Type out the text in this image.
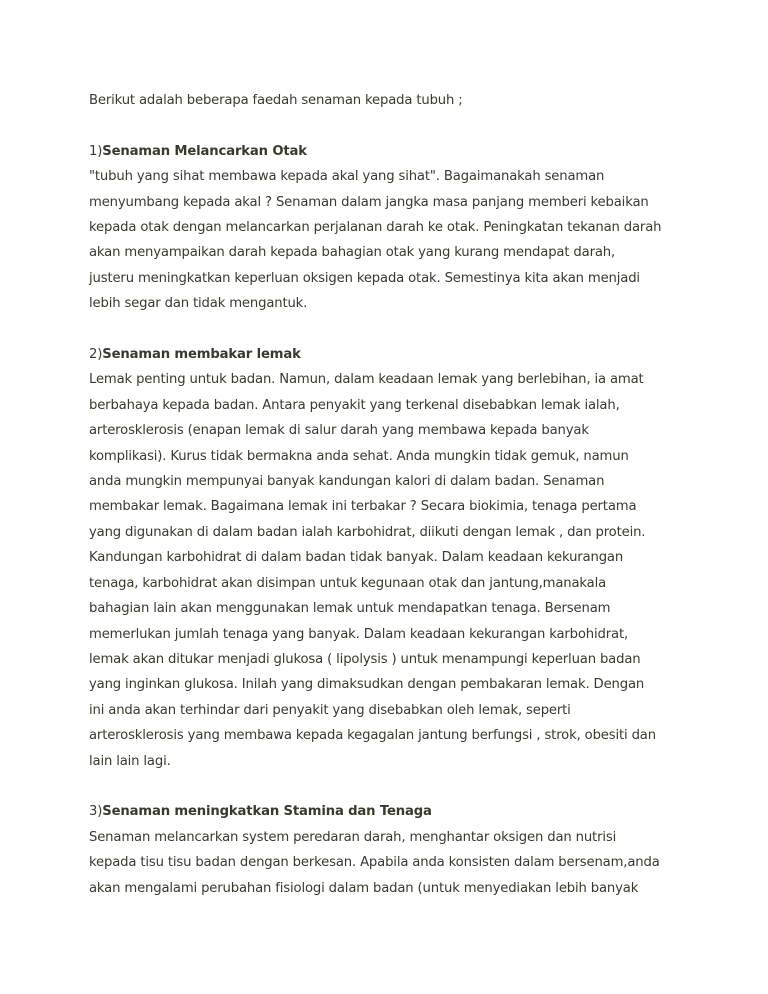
Berikut adalah beberapa faedah senaman kepada tubuh ;

1)Senaman Melancarkan Otak

"tubuh yang sihat membawa kepada akal yang sihat". Bagaimanakah senaman

menyumbang kepada akal ? Senaman dalam jangka masa panjang memberi kebaikan

kepada otak dengan melancarkan perjalanan darah ke otak. Peningkatan tekanan darah

akan menyampaikan darah kepada bahagian otak yang kurang mendapat darah,

justeru meningkatkan keperluan oksigen kepada otak. Semestinya kita akan menjadi

lebih segar dan tidak mengantuk.

2)Senaman membakar lemak

Lemak penting untuk badan. Namun, dalam keadaan lemak yang berlebihan, ia amat

berbahaya kepada badan. Antara penyakit yang terkenal disebabkan lemak ialah,

arterosklerosis (enapan lemak di salur darah yang membawa kepada banyak

komplikasi). Kurus tidak bermakna anda sehat. Anda mungkin tidak gemuk, namun

anda mungkin mempunyai banyak kandungan kalori di dalam badan. Senaman

membakar lemak. Bagaimana lemak ini terbakar ? Secara biokimia, tenaga pertama

yang digunakan di dalam badan ialah karbohidrat, diikuti dengan lemak , dan protein.

Kandungan karbohidrat di dalam badan tidak banyak. Dalam keadaan kekurangan

tenaga, karbohidrat akan disimpan untuk kegunaan otak dan jantung,manakala

bahagian lain akan menggunakan lemak untuk mendapatkan tenaga. Bersenam

memerlukan jumlah tenaga yang banyak. Dalam keadaan kekurangan karbohidrat,

lemak akan ditukar menjadi glukosa ( lipolysis ) untuk menampungi keperluan badan

yang inginkan glukosa. Inilah yang dimaksudkan dengan pembakaran lemak. Dengan

ini anda akan terhindar dari penyakit yang disebabkan oleh lemak, seperti

arterosklerosis yang membawa kepada kegagalan jantung berfungsi , strok, obesiti dan

lain lain lagi.

3)Senaman meningkatkan Stamina dan Tenaga

Senaman melancarkan system peredaran darah, menghantar oksigen dan nutrisi

kepada tisu tisu badan dengan berkesan. Apabila anda konsisten dalam bersenam,anda

akan mengalami perubahan fisiologi dalam badan (untuk menyediakan lebih banyak
